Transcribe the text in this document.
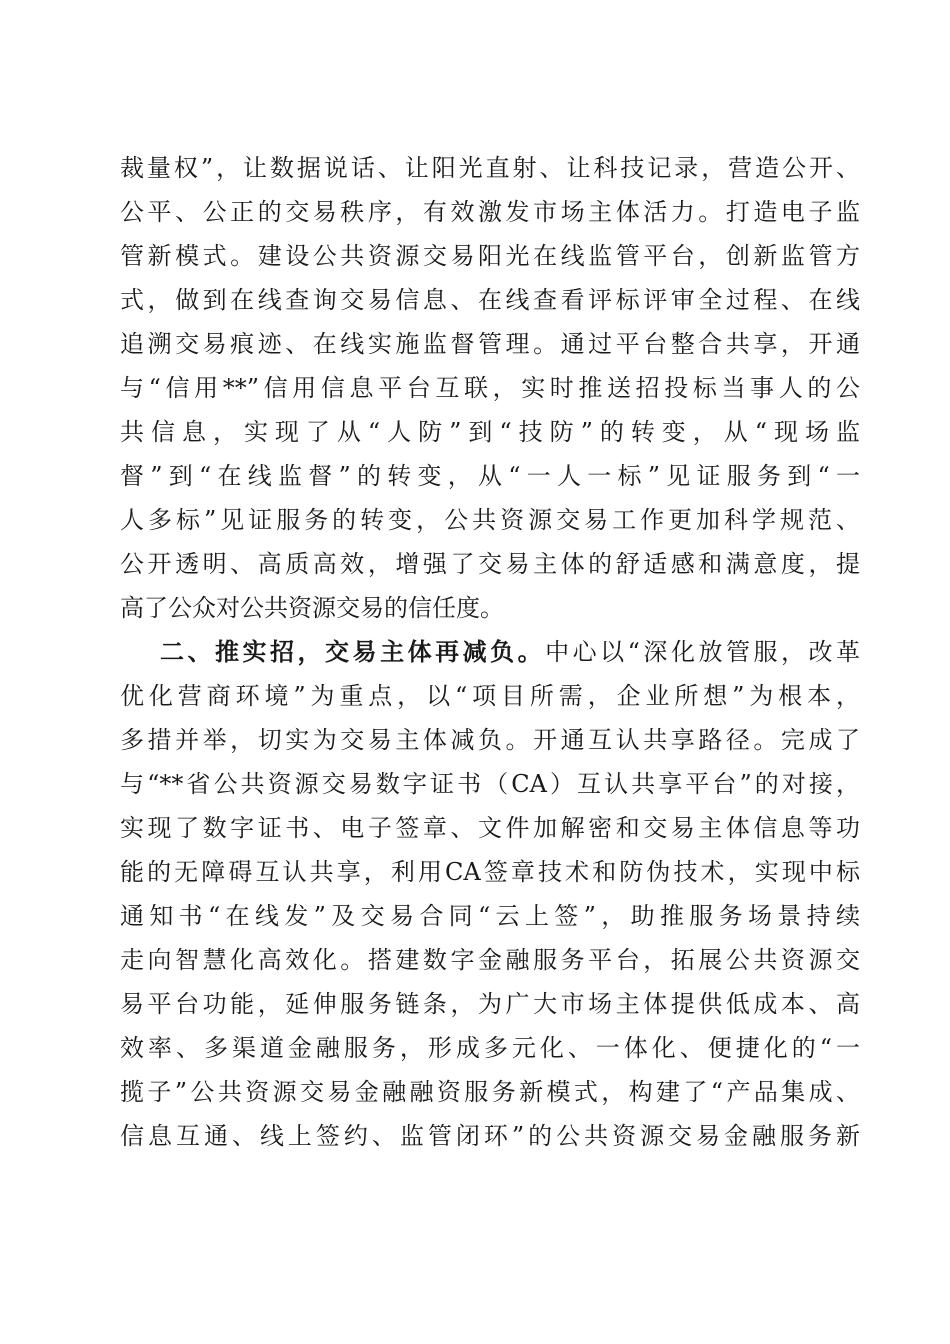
裁量权”，让数据说话、让阳光直射、让科技记录，营造公开、
公平、公正的交易秩序，有效激发市场主体活力。打造电子监
管新模式。建设公共资源交易阳光在线监管平台，创新监管方
式，做到在线查询交易信息、在线查看评标评审全过程、在线
追溯交易痕迹、在线实施监督管理。通过平台整合共享，开通
与“信用**”信用信息平台互联，实时推送招投标当事人的公
共信息，实现了从“人防”到“技防”的转变，从“现场监
督”到“在线监督”的转变，从“一人一标”见证服务到“一
人多标”见证服务的转变，公共资源交易工作更加科学规范、
公开透明、高质高效，增强了交易主体的舒适感和满意度，提
高了公众对公共资源交易的信任度。
二、推实招，交易主体再减负。中心以“深化放管服，改革
优化营商环境”为重点，以“项目所需，企业所想”为根本，
多措并举，切实为交易主体减负。开通互认共享路径。完成了
与“**省公共资源交易数字证书（CA）互认共享平台”的对接，
实现了数字证书、电子签章、文件加解密和交易主体信息等功
能的无障碍互认共享，利用CA签章技术和防伪技术，实现中标
通知书“在线发”及交易合同“云上签”，助推服务场景持续
走向智慧化高效化。搭建数字金融服务平台，拓展公共资源交
易平台功能，延伸服务链条，为广大市场主体提供低成本、高
效率、多渠道金融服务，形成多元化、一体化、便捷化的“一
揽子”公共资源交易金融融资服务新模式，构建了“产品集成、
信息互通、线上签约、监管闭环”的公共资源交易金融服务新
